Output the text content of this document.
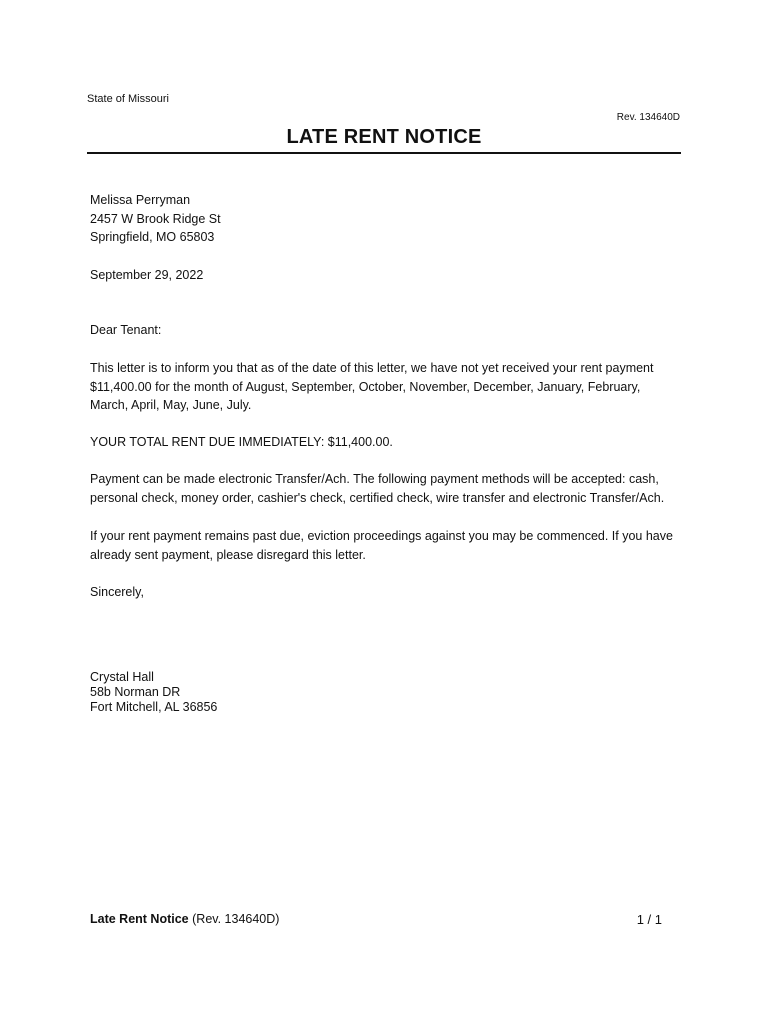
State of Missouri
Rev. 134640D
LATE RENT NOTICE
Melissa Perryman
2457 W Brook Ridge St
Springfield, MO 65803
September 29, 2022
Dear Tenant:
This letter is to inform you that as of the date of this letter, we have not yet received your rent payment
$11,400.00 for the month of August, September, October, November, December, January, February,
March, April, May, June, July.
YOUR TOTAL RENT DUE IMMEDIATELY: $11,400.00.
Payment can be made electronic Transfer/Ach. The following payment methods will be accepted: cash,
personal check, money order, cashier's check, certified check, wire transfer and electronic Transfer/Ach.
If your rent payment remains past due, eviction proceedings against you may be commenced. If you have
already sent payment, please disregard this letter.
Sincerely,
Crystal Hall
58b Norman DR
Fort Mitchell, AL 36856
Late Rent Notice (Rev. 134640D)	1 / 1
